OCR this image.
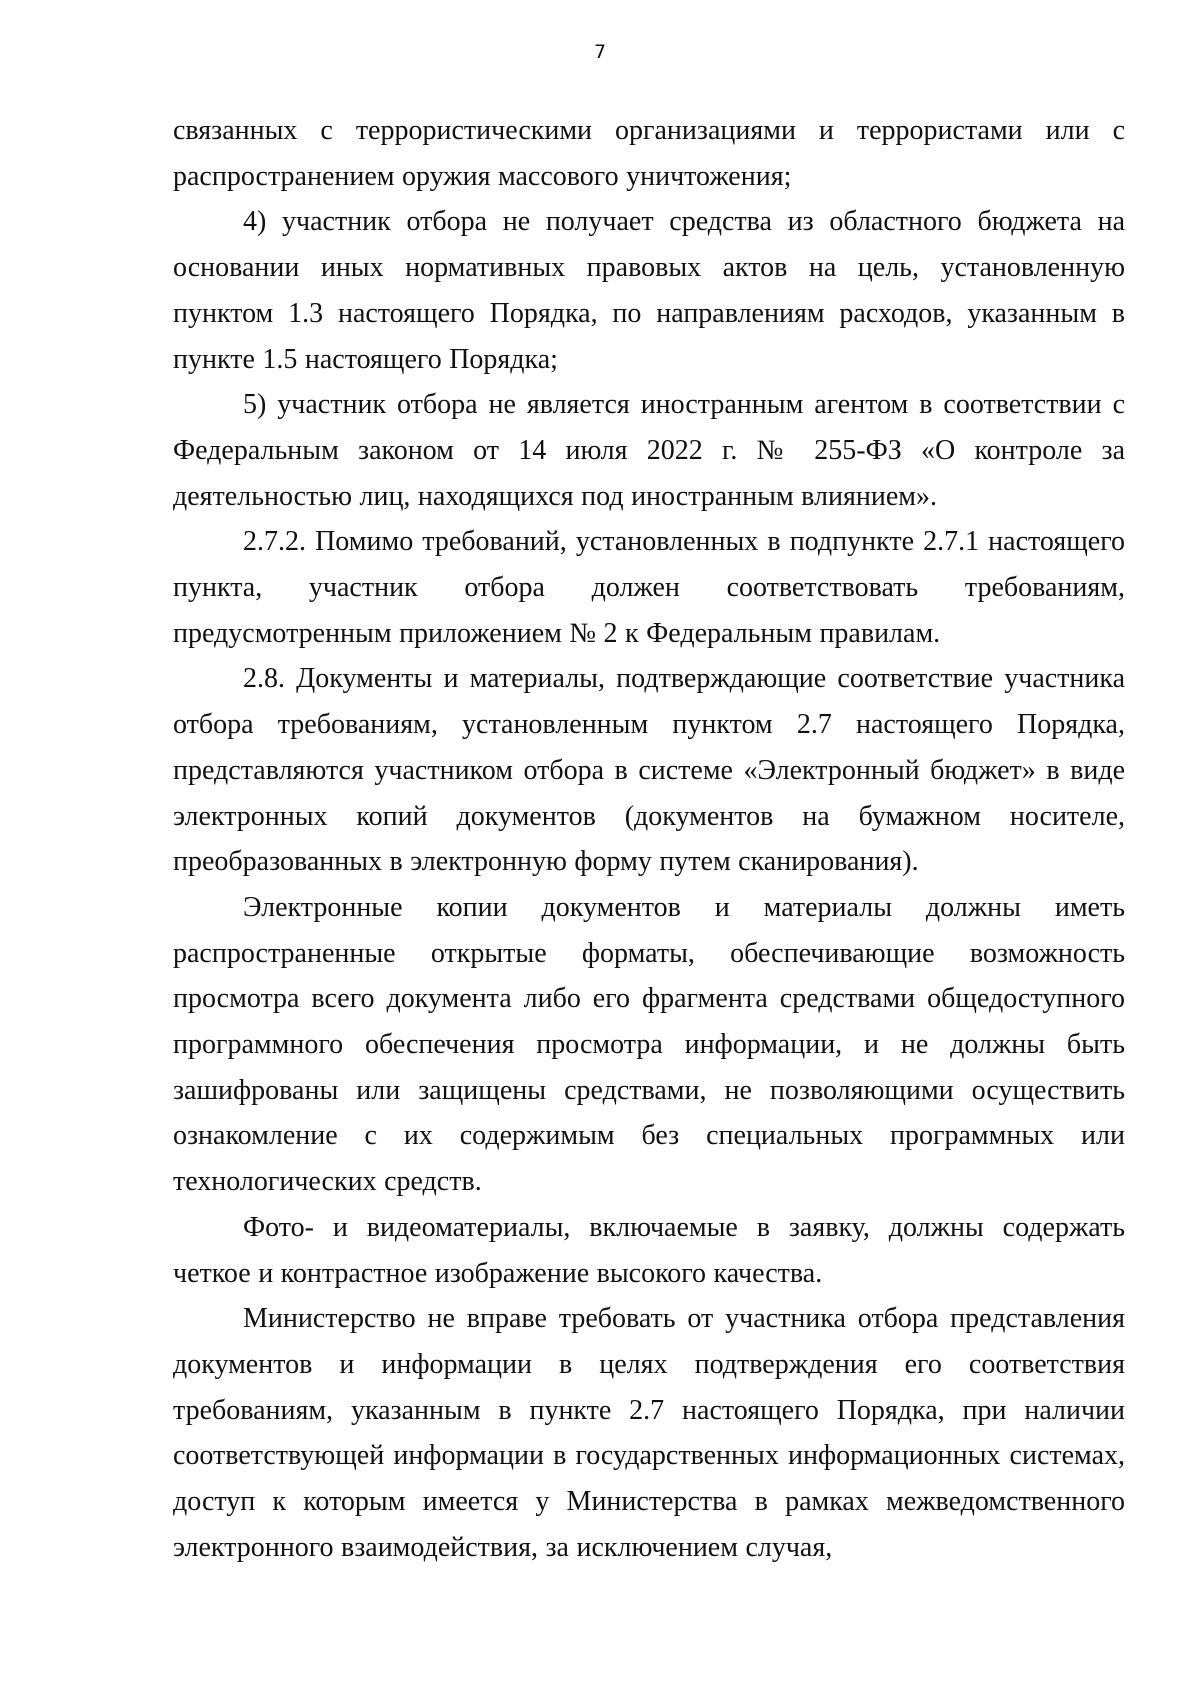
7

связанных с террористическими организациями и террористами или с распространением оружия массового уничтожения;

4) участник отбора не получает средства из областного бюджета на основании иных нормативных правовых актов на цель, установленную пунктом 1.3 настоящего Порядка, по направлениям расходов, указанным в пункте 1.5 настоящего Порядка;

5) участник отбора не является иностранным агентом в соответствии с Федеральным законом от 14 июля 2022 г. № 255-ФЗ «О контроле за деятельностью лиц, находящихся под иностранным влиянием».

2.7.2. Помимо требований, установленных в подпункте 2.7.1 настоящего пункта, участник отбора должен соответствовать требованиям, предусмотренным приложением № 2 к Федеральным правилам.

2.8. Документы и материалы, подтверждающие соответствие участника отбора требованиям, установленным пунктом 2.7 настоящего Порядка, представляются участником отбора в системе «Электронный бюджет» в виде электронных копий документов (документов на бумажном носителе, преобразованных в электронную форму путем сканирования).

Электронные копии документов и материалы должны иметь распространенные открытые форматы, обеспечивающие возможность просмотра всего документа либо его фрагмента средствами общедоступного программного обеспечения просмотра информации, и не должны быть зашифрованы или защищены средствами, не позволяющими осуществить ознакомление с их содержимым без специальных программных или технологических средств.

Фото- и видеоматериалы, включаемые в заявку, должны содержать четкое и контрастное изображение высокого качества.

Министерство не вправе требовать от участника отбора представления документов и информации в целях подтверждения его соответствия требованиям, указанным в пункте 2.7 настоящего Порядка, при наличии соответствующей информации в государственных информационных системах, доступ к которым имеется у Министерства в рамках межведомственного электронного взаимодействия, за исключением случая,
